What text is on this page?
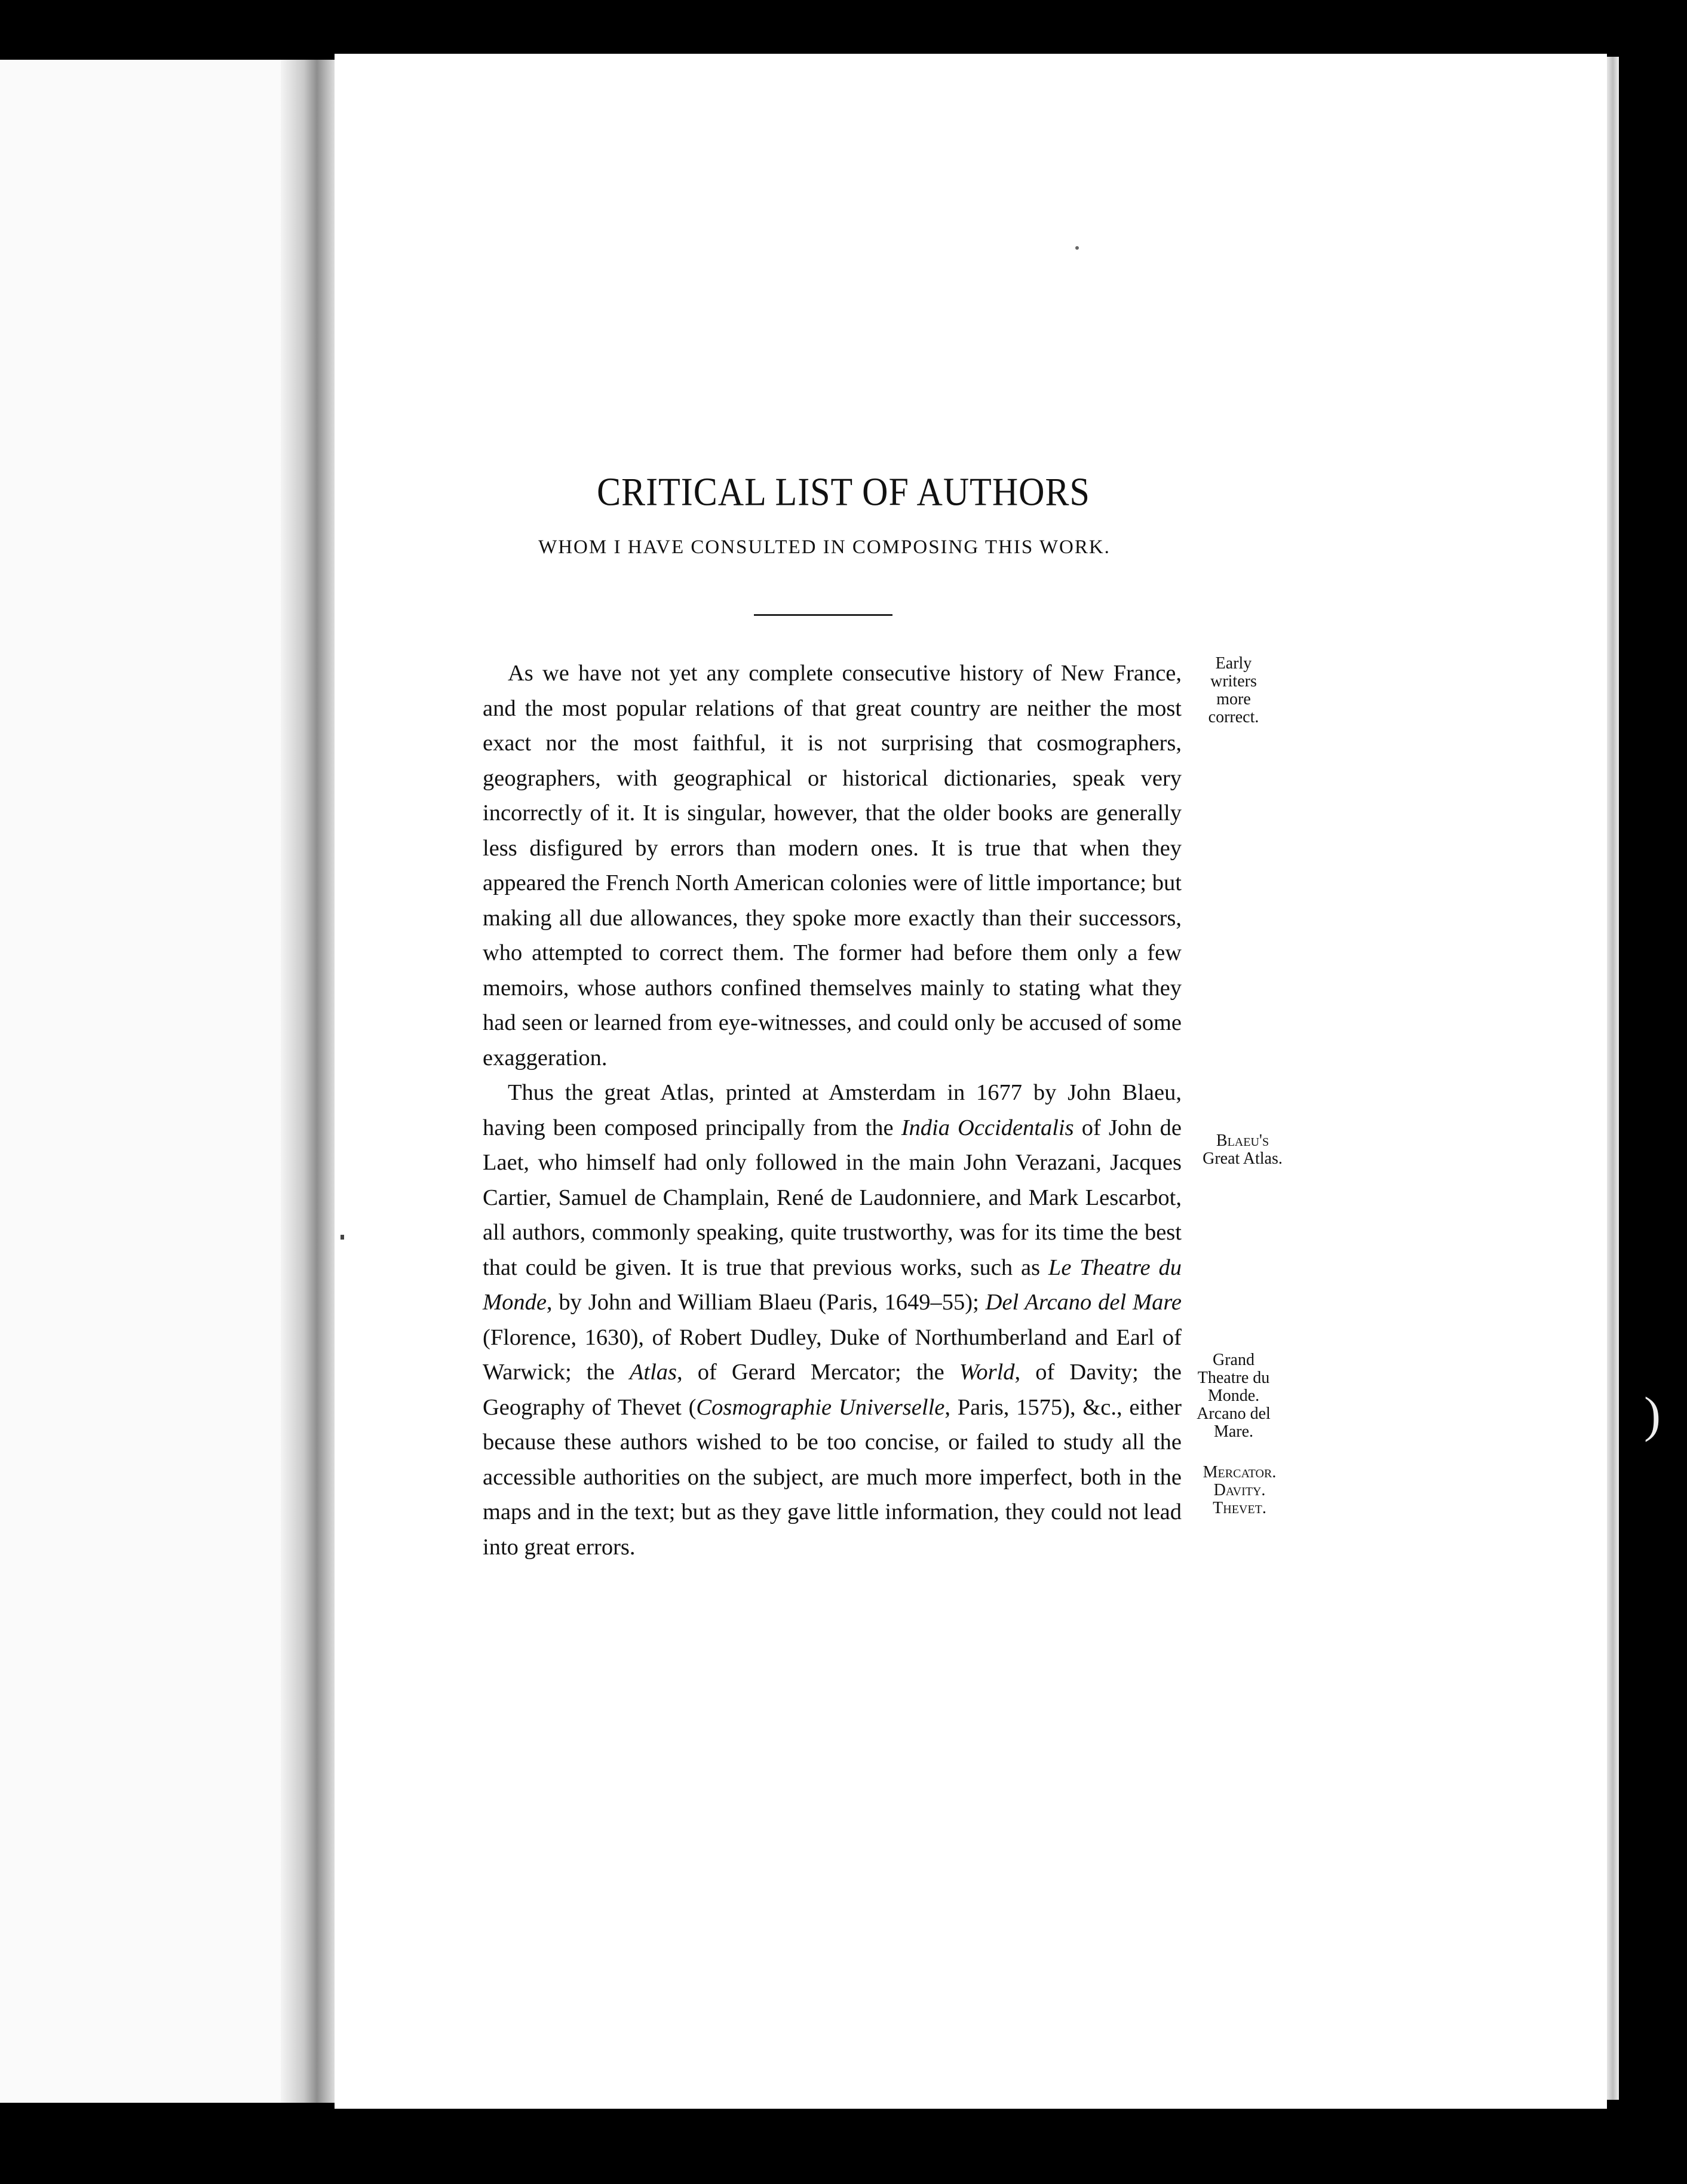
CRITICAL LIST OF AUTHORS
WHOM I HAVE CONSULTED IN COMPOSING THIS WORK.

As we have not yet any complete consecutive history of New France, and the most popular relations of that great country are neither the most exact nor the most faithful, it is not surprising that cosmographers, geographers, with geographical or historical dictionaries, speak very incorrectly of it. It is singular, however, that the older books are generally less disfigured by errors than modern ones. It is true that when they appeared the French North American colonies were of little importance; but making all due allowances, they spoke more exactly than their successors, who attempted to correct them. The former had before them only a few memoirs, whose authors confined themselves mainly to stating what they had seen or learned from eye-witnesses, and could only be accused of some exaggeration.

Thus the great Atlas, printed at Amsterdam in 1677 by John Blaeu, having been composed principally from the India Occidentalis of John de Laet, who himself had only followed in the main John Verazani, Jacques Cartier, Samuel de Champlain, René de Laudonniere, and Mark Lescarbot, all authors, commonly speaking, quite trustworthy, was for its time the best that could be given. It is true that previous works, such as Le Theatre du Monde, by John and William Blaeu (Paris, 1649–55); Del Arcano del Mare (Florence, 1630), of Robert Dudley, Duke of Northumberland and Earl of Warwick; the Atlas, of Gerard Mercator; the World, of Davity; the Geography of Thevet (Cosmographie Universelle, Paris, 1575), &c., either because these authors wished to be too concise, or failed to study all the accessible authorities on the subject, are much more imperfect, both in the maps and in the text; but as they gave little information, they could not lead into great errors.

Early
writers
more
correct.
Blaeu's
Great Atlas.
Grand
Theatre du
Monde.
Arcano del
Mare.
Mercator.
Davity.
Thevet.
)
